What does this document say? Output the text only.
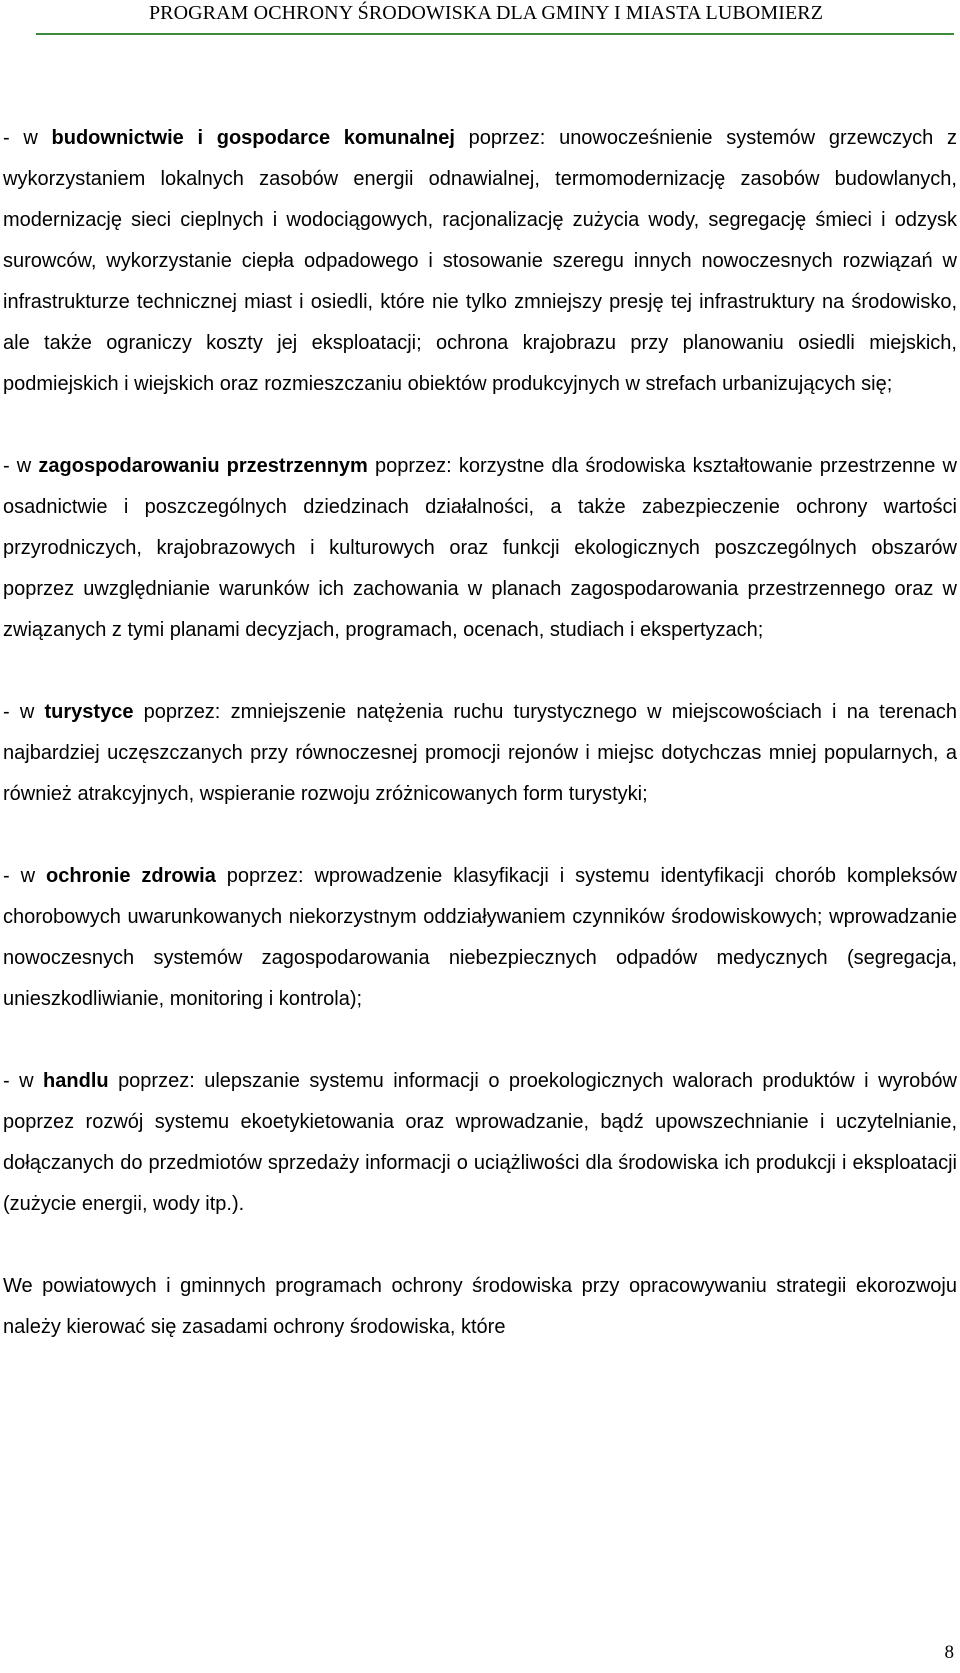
PROGRAM OCHRONY ŚRODOWISKA DLA GMINY I MIASTA LUBOMIERZ

- w budownictwie i gospodarce komunalnej poprzez: unowocześnienie systemów grzewczych z wykorzystaniem lokalnych zasobów energii odnawialnej, termomodernizację zasobów budowlanych, modernizację sieci cieplnych i wodociągowych, racjonalizację zużycia wody, segregację śmieci i odzysk surowców, wykorzystanie ciepła odpadowego i stosowanie szeregu innych nowoczesnych rozwiązań w infrastrukturze technicznej miast i osiedli, które nie tylko zmniejszy presję tej infrastruktury na środowisko, ale także ograniczy koszty jej eksploatacji; ochrona krajobrazu przy planowaniu osiedli miejskich, podmiejskich i wiejskich oraz rozmieszczaniu obiektów produkcyjnych w strefach urbanizujących się;

- w zagospodarowaniu przestrzennym poprzez: korzystne dla środowiska kształtowanie przestrzenne w osadnictwie i poszczególnych dziedzinach działalności, a także zabezpieczenie ochrony wartości przyrodniczych, krajobrazowych i kulturowych oraz funkcji ekologicznych poszczególnych obszarów poprzez uwzględnianie warunków ich zachowania w planach zagospodarowania przestrzennego oraz w związanych z tymi planami decyzjach, programach, ocenach, studiach i ekspertyzach;

- w turystyce poprzez: zmniejszenie natężenia ruchu turystycznego w miejscowościach i na terenach najbardziej uczęszczanych przy równoczesnej promocji rejonów i miejsc dotychczas mniej popularnych, a również atrakcyjnych, wspieranie rozwoju zróżnicowanych form turystyki;

- w ochronie zdrowia poprzez: wprowadzenie klasyfikacji i systemu identyfikacji chorób kompleksów chorobowych uwarunkowanych niekorzystnym oddziaływaniem czynników środowiskowych; wprowadzanie nowoczesnych systemów zagospodarowania niebezpiecznych odpadów medycznych (segregacja, unieszkodliwianie, monitoring i kontrola);

- w handlu poprzez: ulepszanie systemu informacji o proekologicznych walorach produktów i wyrobów poprzez rozwój systemu ekoetykietowania oraz wprowadzanie, bądź upowszechnianie i uczytelnianie, dołączanych do przedmiotów sprzedaży informacji o uciążliwości dla środowiska ich produkcji i eksploatacji (zużycie energii, wody itp.).

We powiatowych i gminnych programach ochrony środowiska przy opracowywaniu strategii ekorozwoju należy kierować się zasadami ochrony środowiska, które

8
